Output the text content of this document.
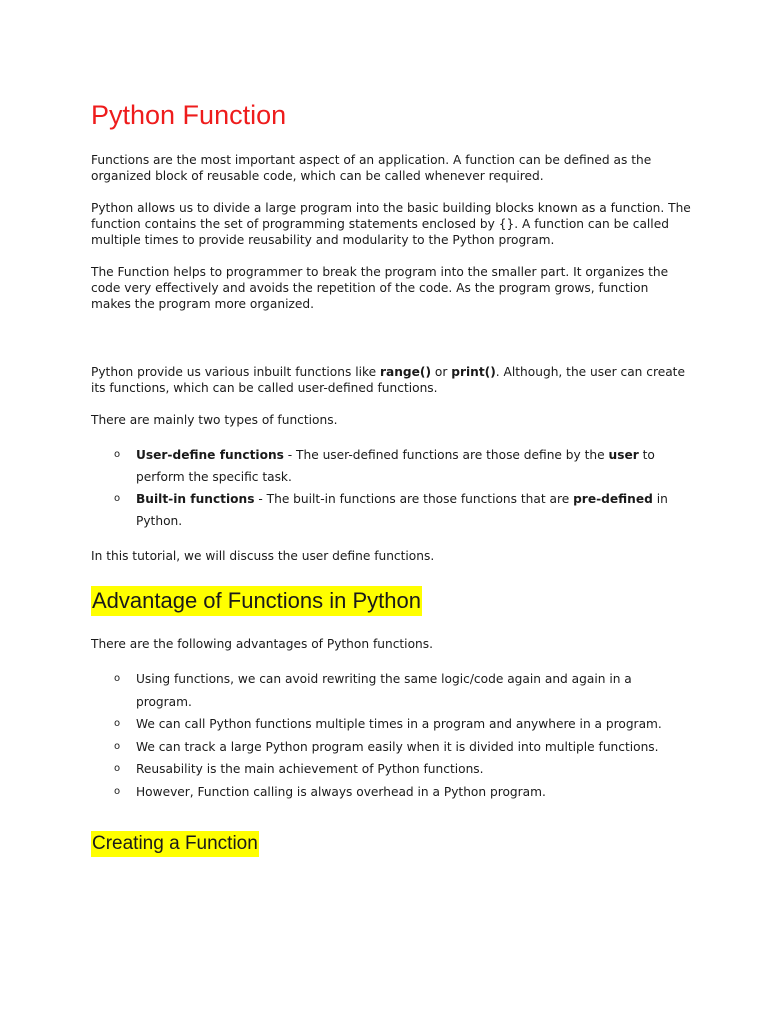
Python Function

Functions are the most important aspect of an application. A function can be defined as the organized block of reusable code, which can be called whenever required.

Python allows us to divide a large program into the basic building blocks known as a function. The function contains the set of programming statements enclosed by {}. A function can be called multiple times to provide reusability and modularity to the Python program.

The Function helps to programmer to break the program into the smaller part. It organizes the code very effectively and avoids the repetition of the code. As the program grows, function makes the program more organized.

Python provide us various inbuilt functions like range() or print(). Although, the user can create its functions, which can be called user-defined functions.

There are mainly two types of functions.

o User-define functions - The user-defined functions are those define by the user to perform the specific task.
o Built-in functions - The built-in functions are those functions that are pre-defined in Python.

In this tutorial, we will discuss the user define functions.

Advantage of Functions in Python

There are the following advantages of Python functions.

o Using functions, we can avoid rewriting the same logic/code again and again in a program.
o We can call Python functions multiple times in a program and anywhere in a program.
o We can track a large Python program easily when it is divided into multiple functions.
o Reusability is the main achievement of Python functions.
o However, Function calling is always overhead in a Python program.
Creating a Function
